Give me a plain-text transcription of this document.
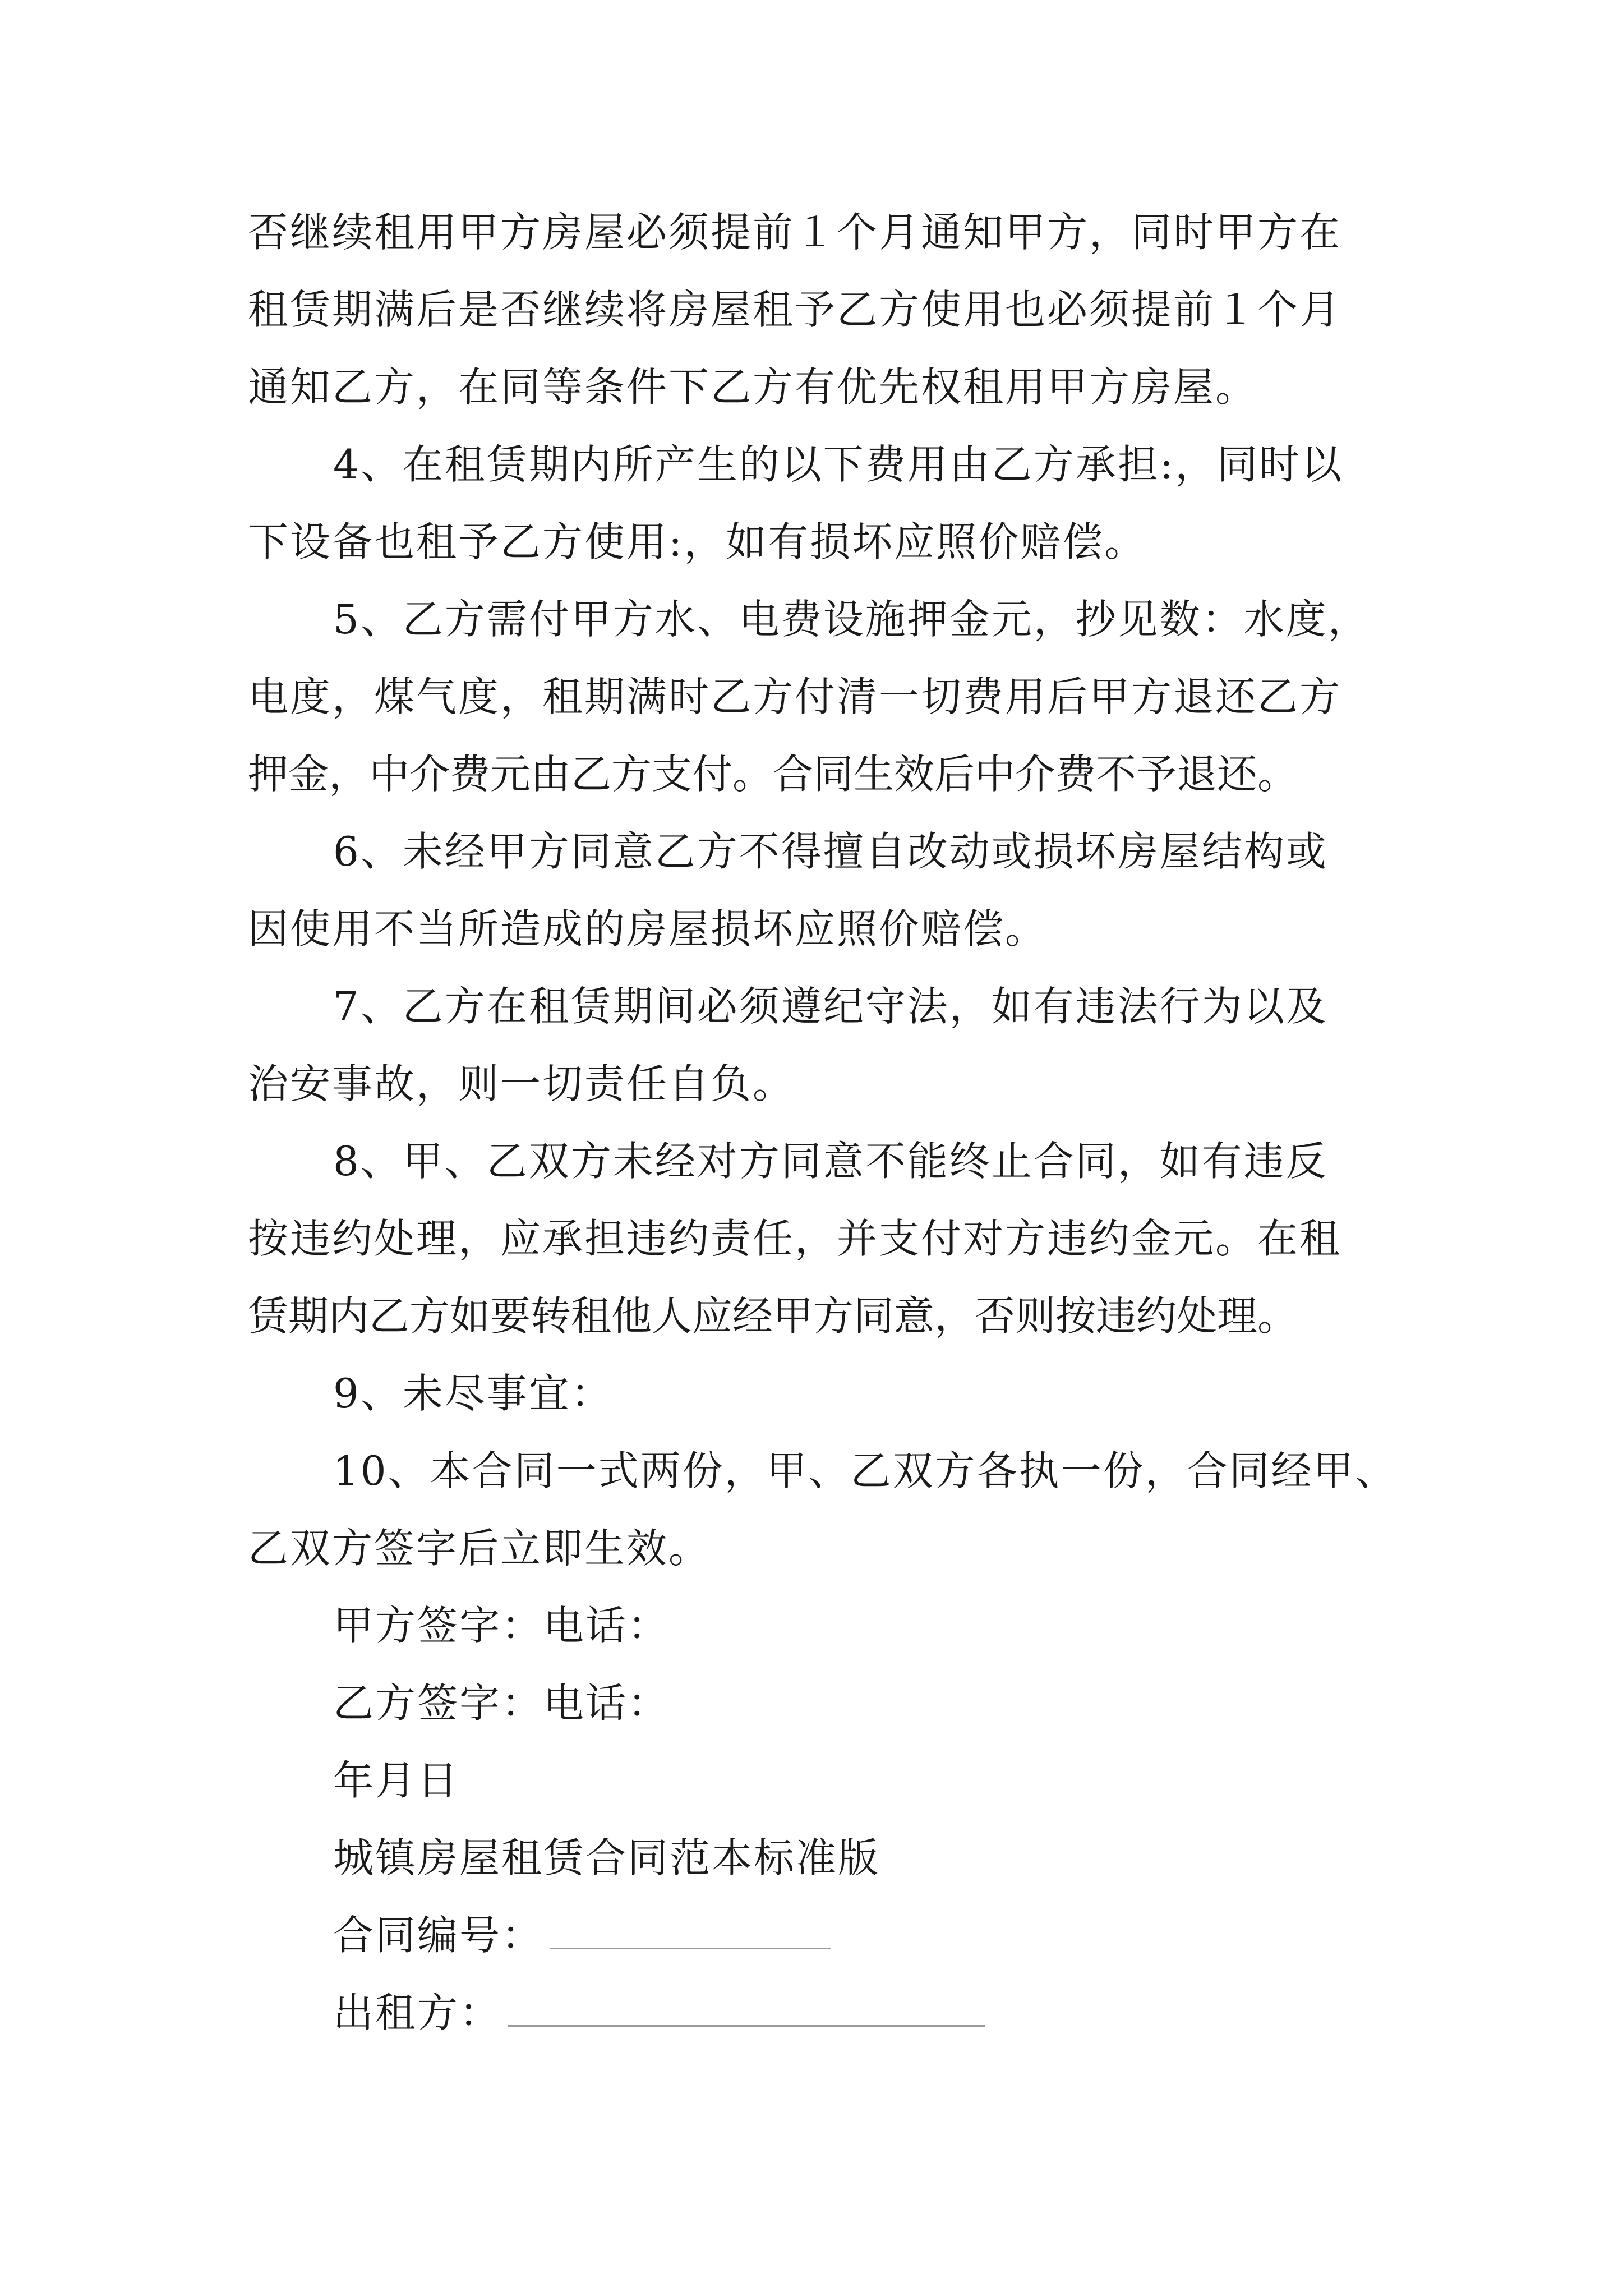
否继续租用甲方房屋必须提前１个月通知甲方，同时甲方在
租赁期满后是否继续将房屋租予乙方使用也必须提前１个月
通知乙方，在同等条件下乙方有优先权租用甲方房屋。
4、在租赁期内所产生的以下费用由乙方承担:，同时以
下设备也租予乙方使用:，如有损坏应照价赔偿。
5、乙方需付甲方水、电费设施押金元，抄见数：水度，
电度，煤气度，租期满时乙方付清一切费用后甲方退还乙方
押金，中介费元由乙方支付。合同生效后中介费不予退还。
6、未经甲方同意乙方不得擅自改动或损坏房屋结构或
因使用不当所造成的房屋损坏应照价赔偿。
7、乙方在租赁期间必须遵纪守法，如有违法行为以及
治安事故，则一切责任自负。
8、甲、乙双方未经对方同意不能终止合同，如有违反
按违约处理，应承担违约责任，并支付对方违约金元。在租
赁期内乙方如要转租他人应经甲方同意，否则按违约处理。
9、未尽事宜：
10、本合同一式两份，甲、乙双方各执一份，合同经甲、
乙双方签字后立即生效。
甲方签字：电话：
乙方签字：电话：
年月日
城镇房屋租赁合同范本标准版
合同编号：
出租方：
